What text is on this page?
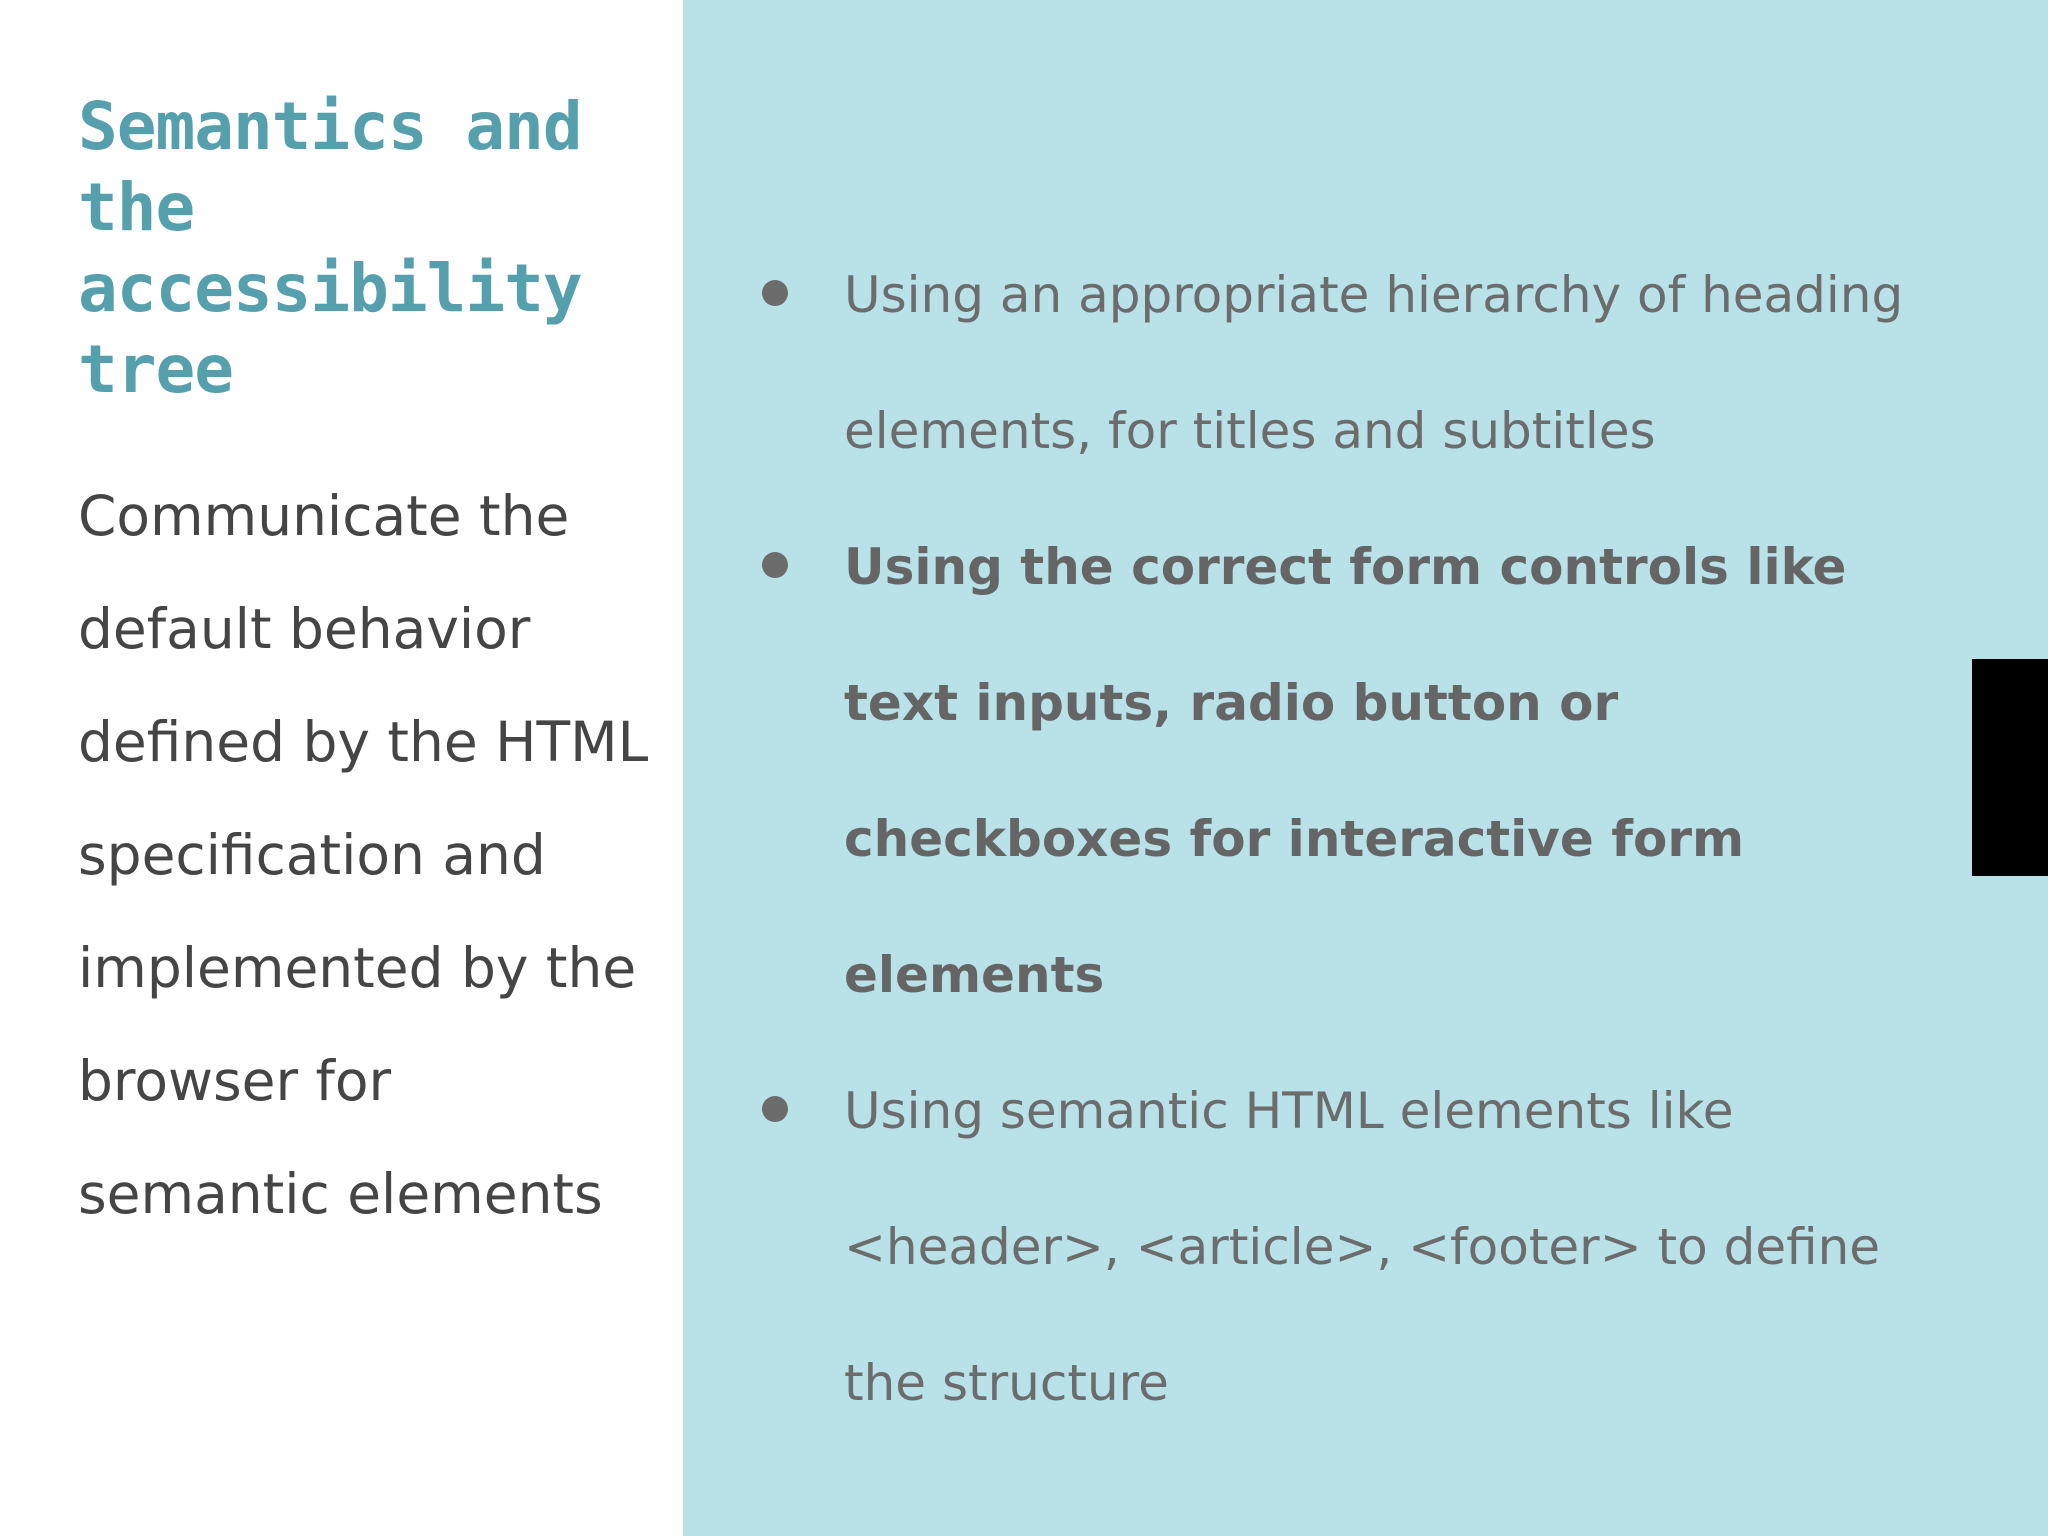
Semantics and the accessibility tree

Communicate the default behavior defined by the HTML specification and implemented by the browser for semantic elements

Using an appropriate hierarchy of heading elements, for titles and subtitles
Using the correct form controls like text inputs, radio button or checkboxes for interactive form elements
Using semantic HTML elements like <header>, <article>, <footer> to define the structure
